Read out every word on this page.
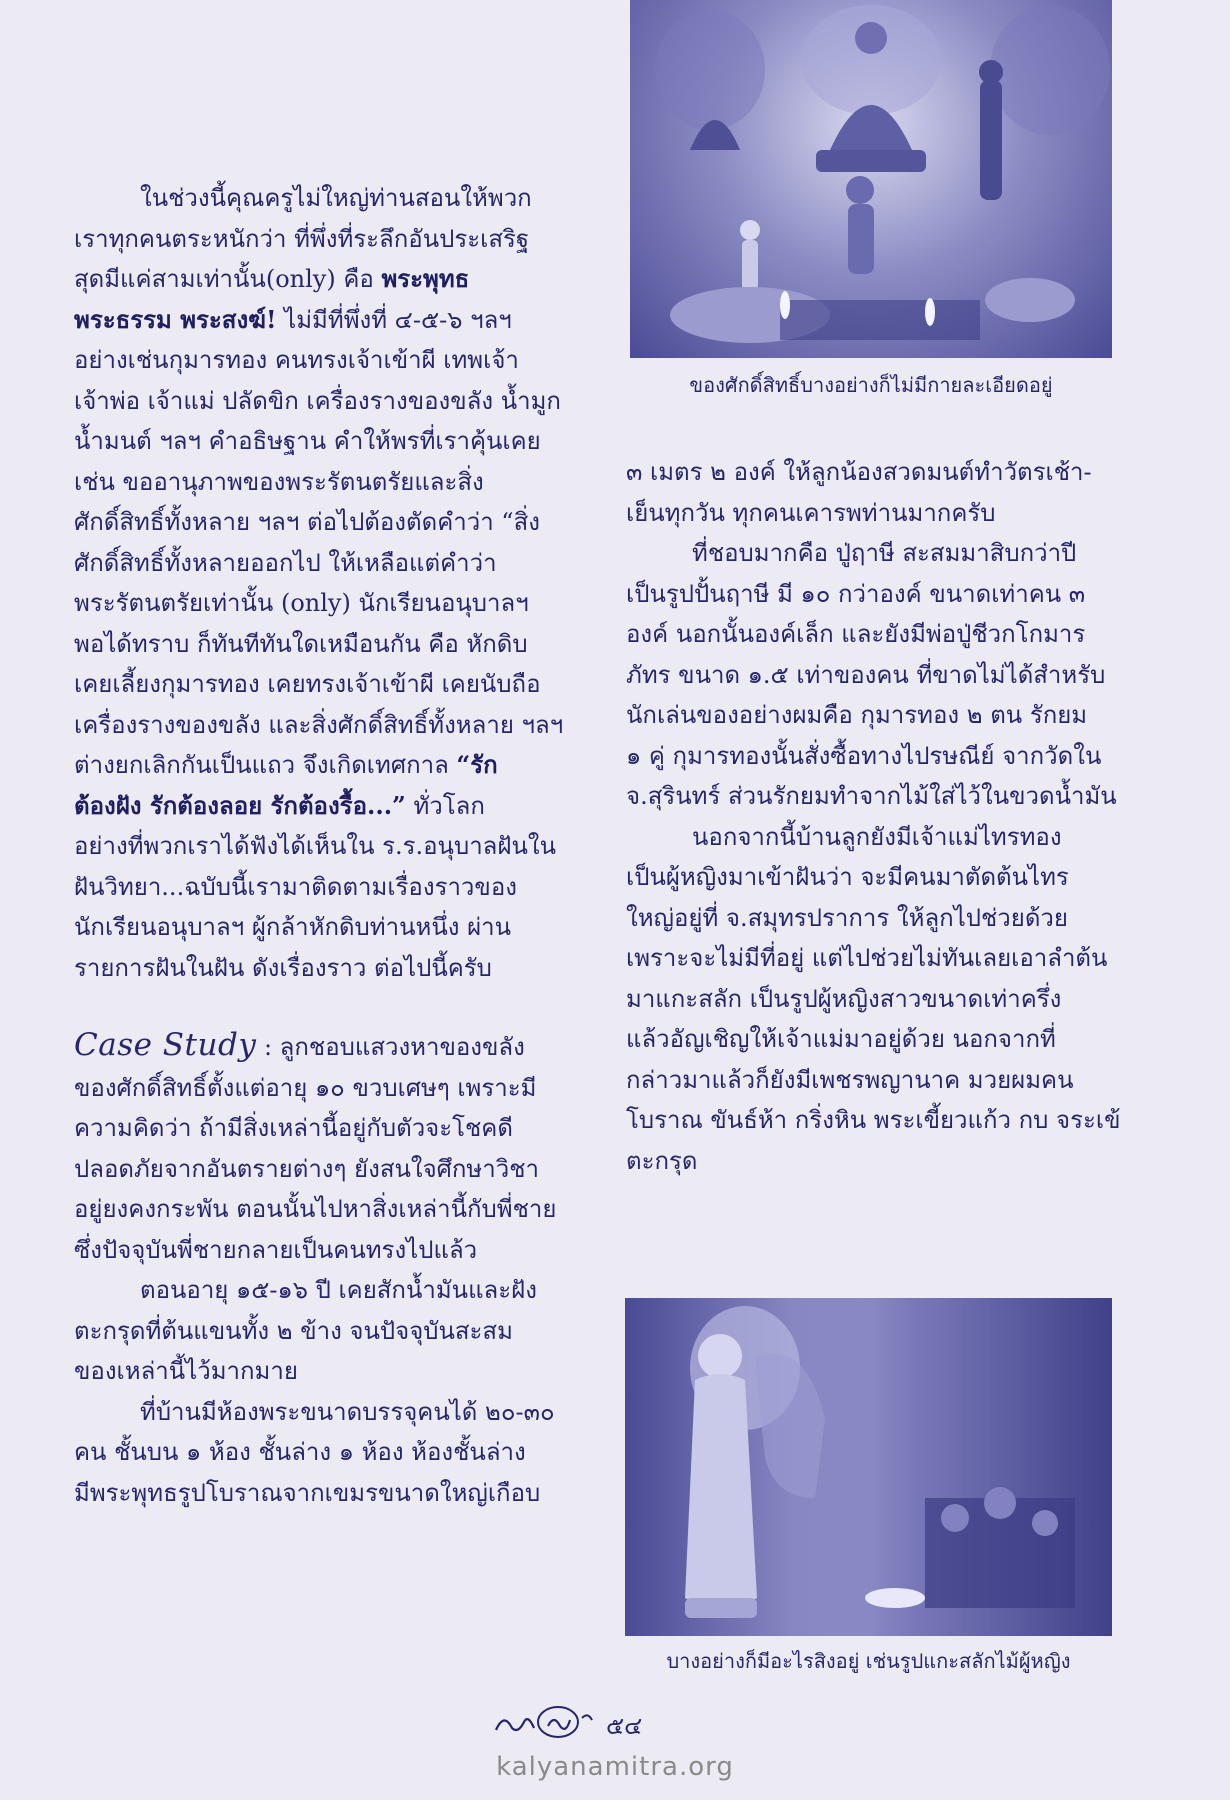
ในช่วงนี้คุณครูไม่ใหญ่ท่านสอนให้พวก

เราทุกคนตระหนักว่า ที่พึ่งที่ระลึกอันประเสริฐ

สุดมีแค่สามเท่านั้น(only) คือ พระพุทธ

พระธรรม พระสงฆ์! ไม่มีที่พึ่งที่ ๔-๕-๖ ฯลฯ

อย่างเช่นกุมารทอง คนทรงเจ้าเข้าผี เทพเจ้า

เจ้าพ่อ เจ้าแม่ ปลัดขิก เครื่องรางของขลัง น้ำมูก

น้ำมนต์ ฯลฯ คำอธิษฐาน คำให้พรที่เราคุ้นเคย

เช่น ขออานุภาพของพระรัตนตรัยและสิ่ง

ศักดิ์สิทธิ์ทั้งหลาย ฯลฯ ต่อไปต้องตัดคำว่า “สิ่ง

ศักดิ์สิทธิ์ทั้งหลายออกไป ให้เหลือแต่คำว่า

พระรัตนตรัยเท่านั้น (only) นักเรียนอนุบาลฯ

พอได้ทราบ ก็ทันทีทันใดเหมือนกัน คือ หักดิบ

เคยเลี้ยงกุมารทอง เคยทรงเจ้าเข้าผี เคยนับถือ

เครื่องรางของขลัง และสิ่งศักดิ์สิทธิ์ทั้งหลาย ฯลฯ

ต่างยกเลิกกันเป็นแถว จึงเกิดเทศกาล “รัก

ต้องฝัง รักต้องลอย รักต้องรื้อ...” ทั่วโลก

อย่างที่พวกเราได้ฟังได้เห็นใน ร.ร.อนุบาลฝันใน

ฝันวิทยา...ฉบับนี้เรามาติดตามเรื่องราวของ

นักเรียนอนุบาลฯ ผู้กล้าหักดิบท่านหนึ่ง ผ่าน

รายการฝันในฝัน ดังเรื่องราว ต่อไปนี้ครับ

Case Study : ลูกชอบแสวงหาของขลัง

ของศักดิ์สิทธิ์ตั้งแต่อายุ ๑๐ ขวบเศษๆ เพราะมี

ความคิดว่า ถ้ามีสิ่งเหล่านี้อยู่กับตัวจะโชคดี

ปลอดภัยจากอันตรายต่างๆ ยังสนใจศึกษาวิชา

อยู่ยงคงกระพัน ตอนนั้นไปหาสิ่งเหล่านี้กับพี่ชาย

ซึ่งปัจจุบันพี่ชายกลายเป็นคนทรงไปแล้ว

ตอนอายุ ๑๕-๑๖ ปี เคยสักน้ำมันและฝัง

ตะกรุดที่ต้นแขนทั้ง ๒ ข้าง จนปัจจุบันสะสม

ของเหล่านี้ไว้มากมาย

ที่บ้านมีห้องพระขนาดบรรจุคนได้ ๒๐-๓๐

คน ชั้นบน ๑ ห้อง ชั้นล่าง ๑ ห้อง ห้องชั้นล่าง

มีพระพุทธรูปโบราณจากเขมรขนาดใหญ่เกือบ

ของศักดิ์สิทธิ์บางอย่างก็ไม่มีกายละเอียดอยู่

๓ เมตร ๒ องค์ ให้ลูกน้องสวดมนต์ทำวัตรเช้า-

เย็นทุกวัน ทุกคนเคารพท่านมากครับ

ที่ชอบมากคือ ปู่ฤาษี สะสมมาสิบกว่าปี

เป็นรูปปั้นฤาษี มี ๑๐ กว่าองค์ ขนาดเท่าคน ๓

องค์ นอกนั้นองค์เล็ก และยังมีพ่อปู่ชีวกโกมาร

ภัทร ขนาด ๑.๕ เท่าของคน ที่ขาดไม่ได้สำหรับ

นักเล่นของอย่างผมคือ กุมารทอง ๒ ตน รักยม

๑ คู่ กุมารทองนั้นสั่งซื้อทางไปรษณีย์ จากวัดใน

จ.สุรินทร์ ส่วนรักยมทำจากไม้ใส่ไว้ในขวดน้ำมัน

นอกจากนี้บ้านลูกยังมีเจ้าแม่ไทรทอง

เป็นผู้หญิงมาเข้าฝันว่า จะมีคนมาตัดต้นไทร

ใหญ่อยู่ที่ จ.สมุทรปราการ ให้ลูกไปช่วยด้วย

เพราะจะไม่มีที่อยู่ แต่ไปช่วยไม่ทันเลยเอาลำต้น

มาแกะสลัก เป็นรูปผู้หญิงสาวขนาดเท่าครึ่ง

แล้วอัญเชิญให้เจ้าแม่มาอยู่ด้วย นอกจากที่

กล่าวมาแล้วก็ยังมีเพชรพญานาค มวยผมคน

โบราณ ขันธ์ห้า กริ่งหิน พระเขี้ยวแก้ว กบ จระเข้

ตะกรุด

บางอย่างก็มีอะไรสิงอยู่ เช่นรูปแกะสลักไม้ผู้หญิง
๕๔
kalyanamitra.org
